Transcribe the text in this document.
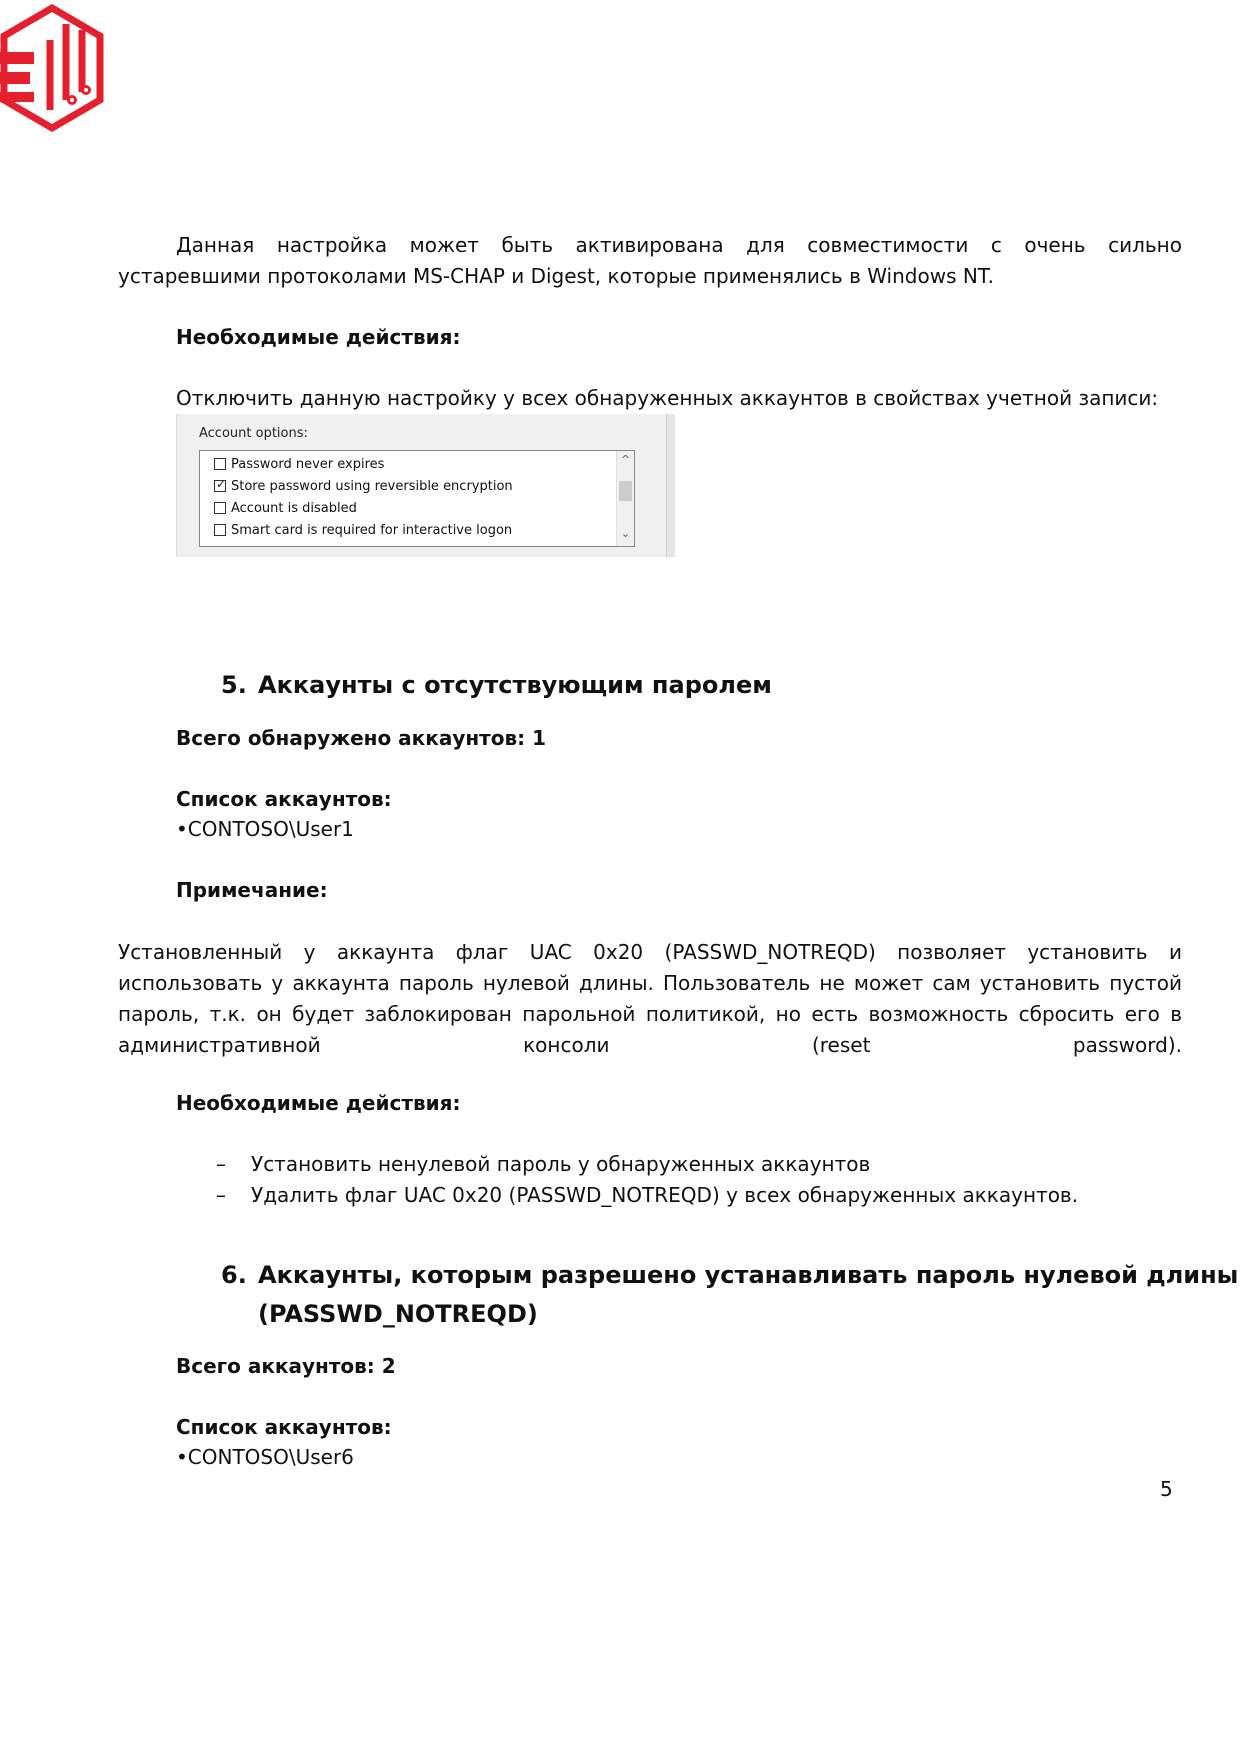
Данная настройка может быть активирована для совместимости с очень сильно устаревшими протоколами MS-CHAP и Digest, которые применялись в Windows NT.
Необходимые действия:
Отключить данную настройку у всех обнаруженных аккаунтов в свойствах учетной записи:
Account options:
Password never expires
✓ Store password using reversible encryption
Account is disabled
Smart card is required for interactive logon
^
⌄
5. Аккаунты с отсутствующим паролем
Всего обнаружено аккаунтов: 1
Список аккаунтов:
•CONTOSO\User1
Примечание:
Установленный у аккаунта флаг UAC 0x20 (PASSWD_NOTREQD) позволяет установить и использовать у аккаунта пароль нулевой длины. Пользователь не может сам установить пустой пароль, т.к. он будет заблокирован парольной политикой, но есть возможность сбросить его в административной консоли (reset password).
Необходимые действия:
– Установить ненулевой пароль у обнаруженных аккаунтов
– Удалить флаг UAC 0x20 (PASSWD_NOTREQD) у всех обнаруженных аккаунтов.
6. Аккаунты, которым разрешено устанавливать пароль нулевой длины
(PASSWD_NOTREQD)
Всего аккаунтов: 2
Список аккаунтов:
•CONTOSO\User6
5
